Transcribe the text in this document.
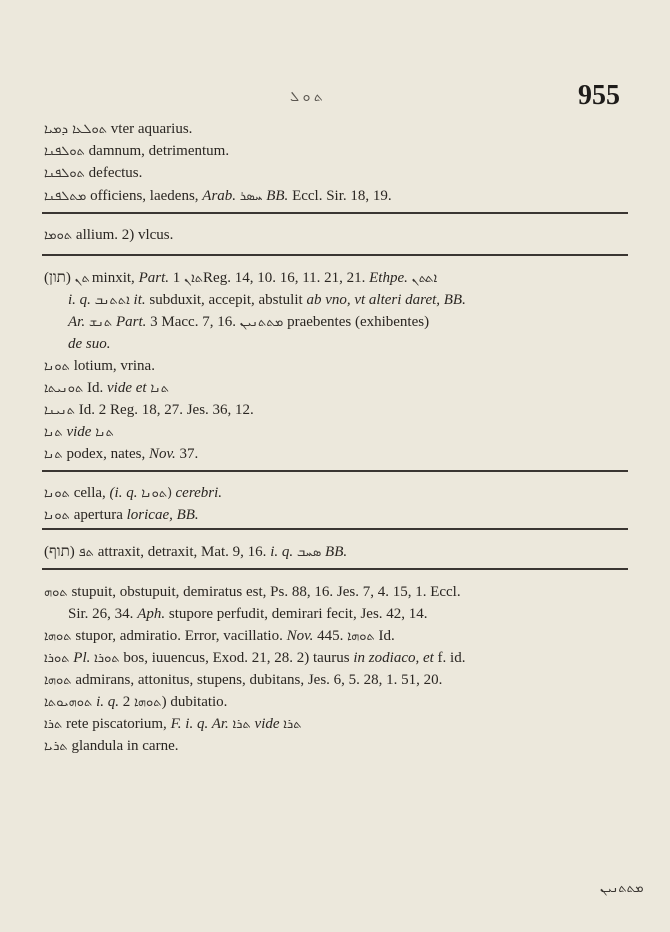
ܬ ܘ ܠ	955
ܬܘܠܥܐ ܕܡܝܐ vter aquarius.
ܬܘܠܦܢܐ damnum, detrimentum.
ܬܘܠܦܢܐ defectus.
ܡܬܠܦܢܐ officiens, laedens, Arab. ܚܣܪ BB. Eccl. Sir. 18, 19.
ܬܘܡܐ allium. 2) vlcus.
(תון) ܬܢ minxit, Part. ܬܐܢ 1Reg. 14, 10. 16, 11. 21, 21. Ethpe. ܐܬܬܢ
i. q. ܐܬܬܢܒ it. subduxit, accepit, abstulit ab vno, vt alteri daret, BB.
Ar. ܬܢܫ Part. 3 Macc. 7, 16. ܡܬܬܢܝܢ praebentes (exhibentes)
de suo.
ܬܘܢܐ lotium, vrina.
ܬܘܢܝܬܐ Id. vide et ܬܢܐ
ܬܢܝܢܐ Id. 2 Reg. 18, 27. Jes. 36, 12.
ܬܢܐ vide ܬܢܐ
ܬܢܐ podex, nates, Nov. 37.
ܬܘܢܐ cella, (i. q. ܬܘܢܐ) cerebri.
ܬܘܢܐ apertura loricae, BB.
(תוף) ܬܦ attraxit, detraxit, Mat. 9, 16. i. q. ܣܚܒ BB.
ܬܘܗ stupuit, obstupuit, demiratus est, Ps. 88, 16. Jes. 7, 4. 15, 1. Eccl.
Sir. 26, 34. Aph. stupore perfudit, demirari fecit, Jes. 42, 14.
ܬܘܗܐ stupor, admiratio. Error, vacillatio. Nov. 445. ܬܘܗܐ Id.
ܬܘܪܐ Pl. ܬܘܪܐ bos, iuuencus, Exod. 21, 28. 2) taurus in zodiaco, et f. id.
ܬܘܗܐ admirans, attonitus, stupens, dubitans, Jes. 6, 5. 28, 1. 51, 20.
ܬܘܗܝܘܬܐ i. q. ܬܘܗܐ 2) dubitatio.
ܬܪܐ rete piscatorium, F. i. q. Ar. ܬܪܐ vide ܬܪܐ
ܬܪܝܐ glandula in carne.
ܡܬܬܢܝܢ
